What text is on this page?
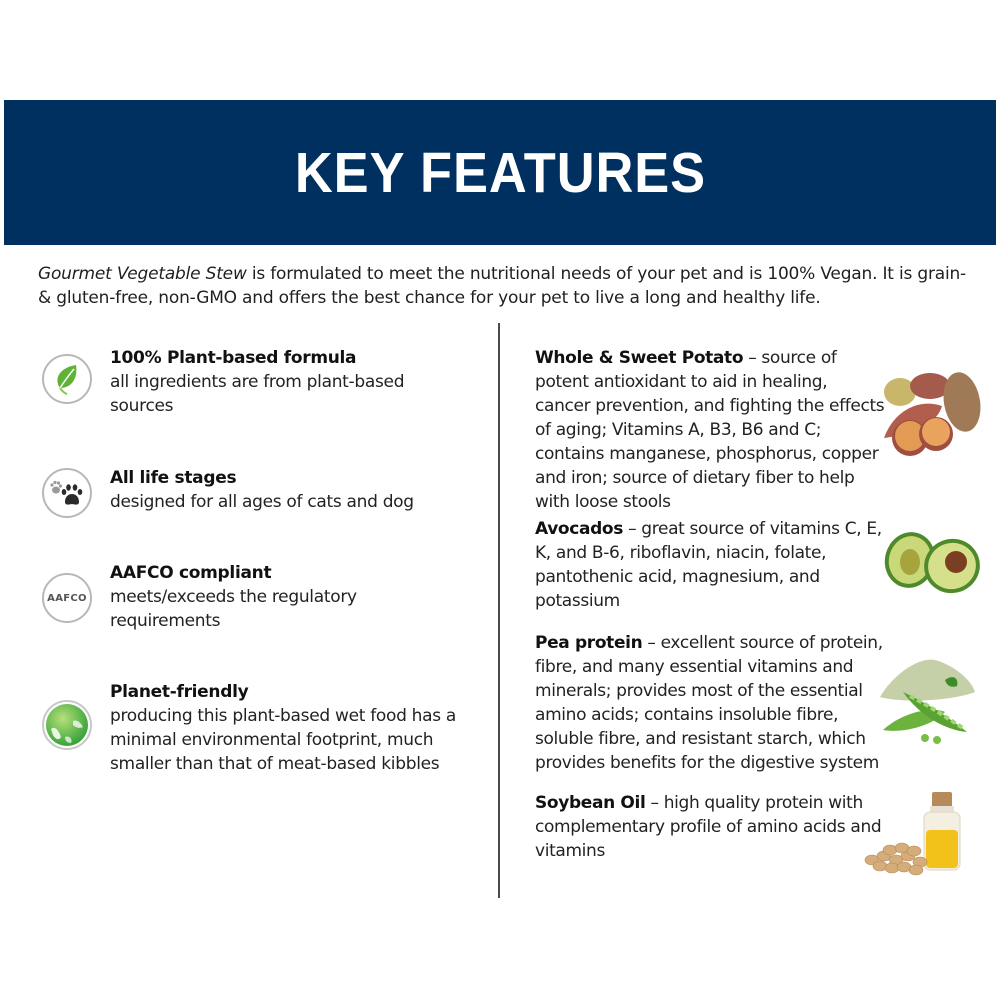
KEY FEATURES
Gourmet Vegetable Stew is formulated to meet the nutritional needs of your pet and is 100% Vegan. It is grain-& gluten-free, non-GMO and offers the best chance for your pet to live a long and healthy life.
100% Plant-based formula
all ingredients are from plant-based sources
All life stages
designed for all ages of cats and dog
AAFCO
AAFCO compliant
meets/exceeds the regulatory requirements
Planet-friendly
producing this plant-based wet food has a minimal environmental footprint, much smaller than that of meat-based kibbles
Whole & Sweet Potato – source of potent antioxidant to aid in healing, cancer prevention, and fighting the effects of aging; Vitamins A, B3, B6 and C; contains manganese, phosphorus, copper and iron; source of dietary fiber to help with loose stools
Avocados – great source of vitamins C, E, K, and B-6, riboflavin, niacin, folate, pantothenic acid, magnesium, and potassium
Pea protein – excellent source of protein, fibre, and many essential vitamins and minerals; provides most of the essential amino acids; contains insoluble fibre, soluble fibre, and resistant starch, which provides benefits for the digestive system
Soybean Oil – high quality protein with complementary profile of amino acids and vitamins
